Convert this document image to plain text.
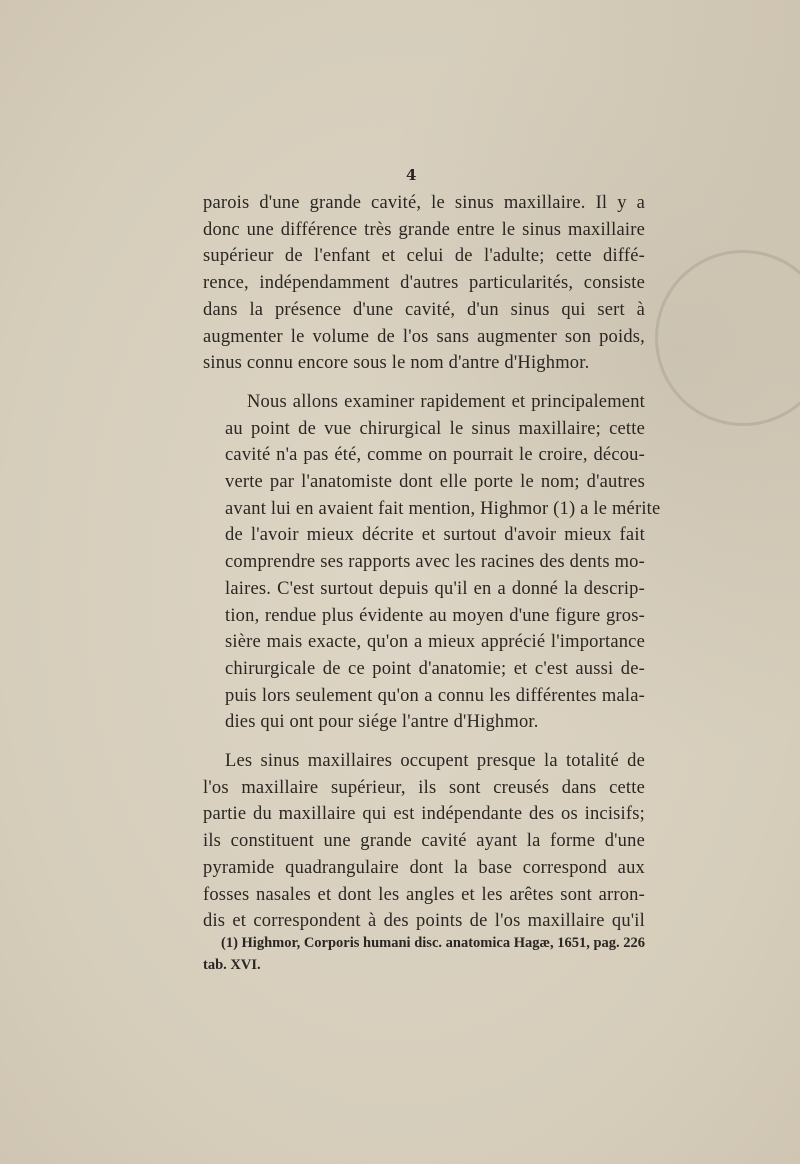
4

parois d'une grande cavité, le sinus maxillaire. Il y a
donc une différence très grande entre le sinus maxillaire
supérieur de l'enfant et celui de l'adulte; cette diffé-
rence, indépendamment d'autres particularités, consiste
dans la présence d'une cavité, d'un sinus qui sert à
augmenter le volume de l'os sans augmenter son poids,
sinus connu encore sous le nom d'antre d'Highmor.

Nous allons examiner rapidement et principalement
au point de vue chirurgical le sinus maxillaire; cette
cavité n'a pas été, comme on pourrait le croire, décou-
verte par l'anatomiste dont elle porte le nom; d'autres
avant lui en avaient fait mention, Highmor (1) a le mérite
de l'avoir mieux décrite et surtout d'avoir mieux fait
comprendre ses rapports avec les racines des dents mo-
laires. C'est surtout depuis qu'il en a donné la descrip-
tion, rendue plus évidente au moyen d'une figure gros-
sière mais exacte, qu'on a mieux apprécié l'importance
chirurgicale de ce point d'anatomie; et c'est aussi de-
puis lors seulement qu'on a connu les différentes mala-
dies qui ont pour siége l'antre d'Highmor.

Les sinus maxillaires occupent presque la totalité de
l'os maxillaire supérieur, ils sont creusés dans cette
partie du maxillaire qui est indépendante des os incisifs;
ils constituent une grande cavité ayant la forme d'une
pyramide quadrangulaire dont la base correspond aux
fosses nasales et dont les angles et les arêtes sont arron-
dis et correspondent à des points de l'os maxillaire qu'il

(1) Highmor, Corporis humani disc. anatomica Hagæ, 1651, pag. 226
tab. XVI.
